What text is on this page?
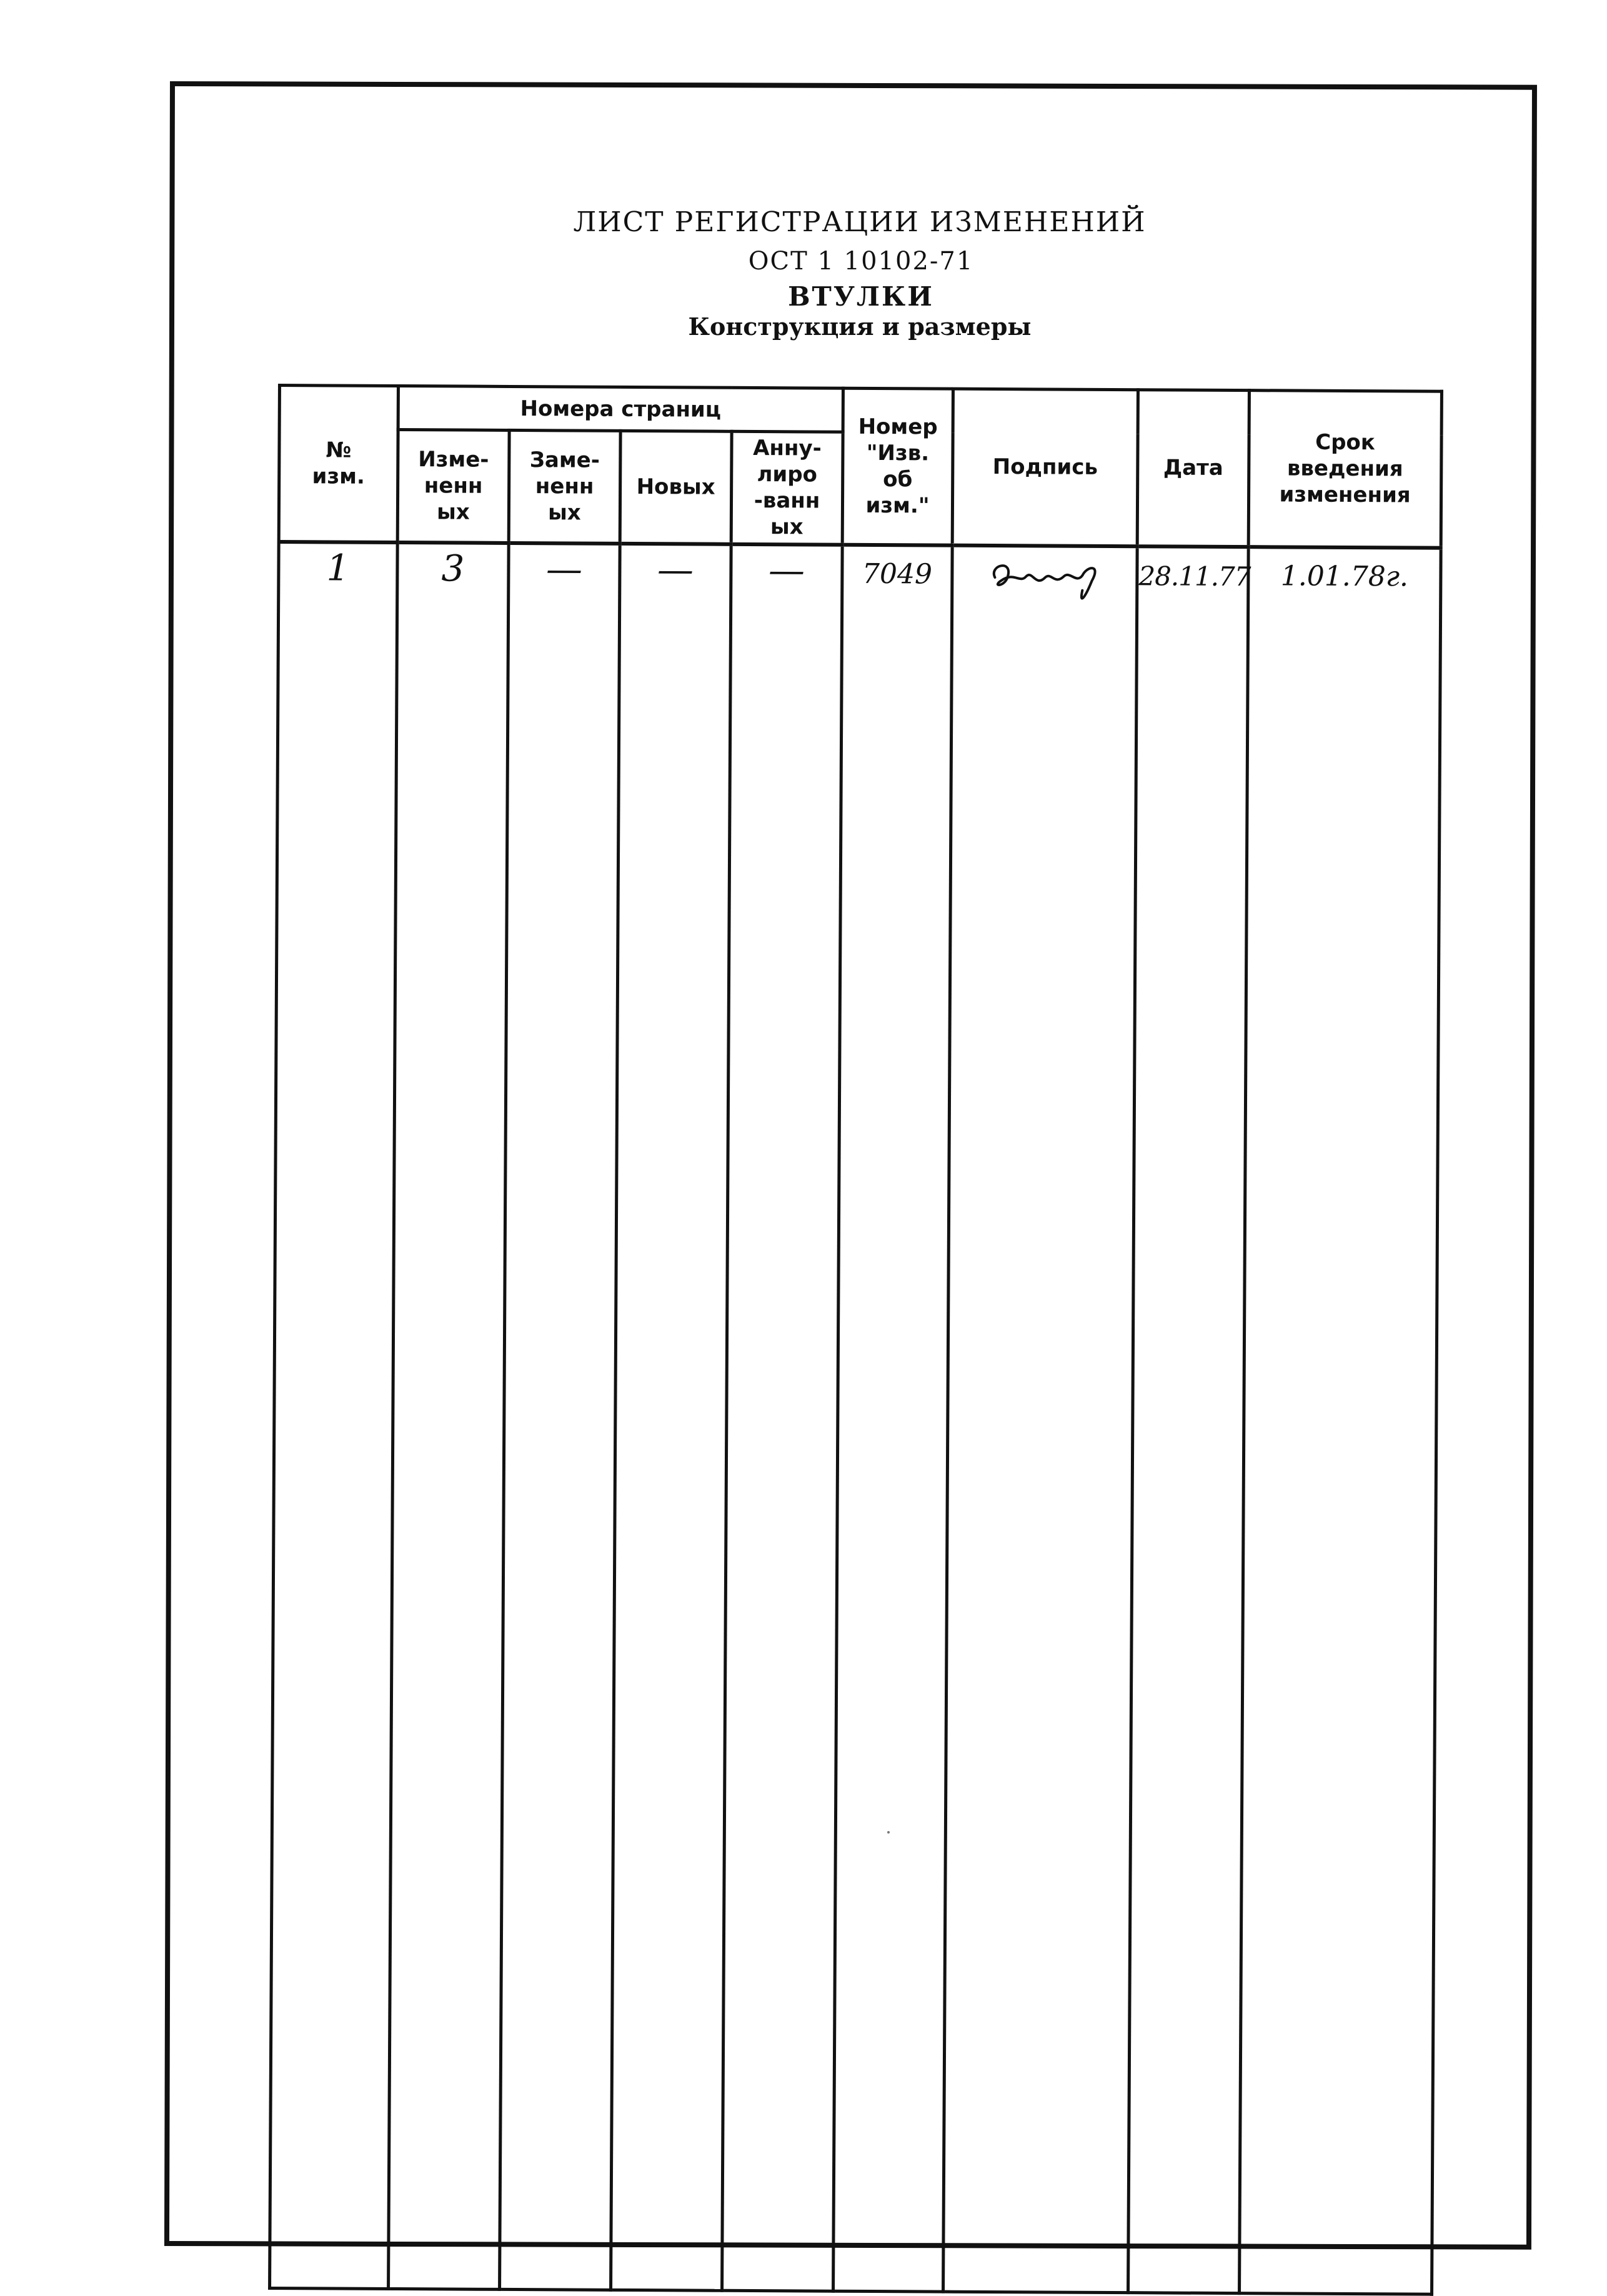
ЛИСТ РЕГИСТРАЦИИ ИЗМЕНЕНИЙ
ОСТ 1 10102-71
ВТУЛКИ
Конструкция и размеры
№ изм.	Номера страниц				Номер "Изв. об изм."	Подпись	Дата	Срок введения изменения
	Изме-ненных	Заме-ненных	Новых	Анну-лиро-ванных				

1	3	—	—	—	7049		28.11.77	1.01.78г.
